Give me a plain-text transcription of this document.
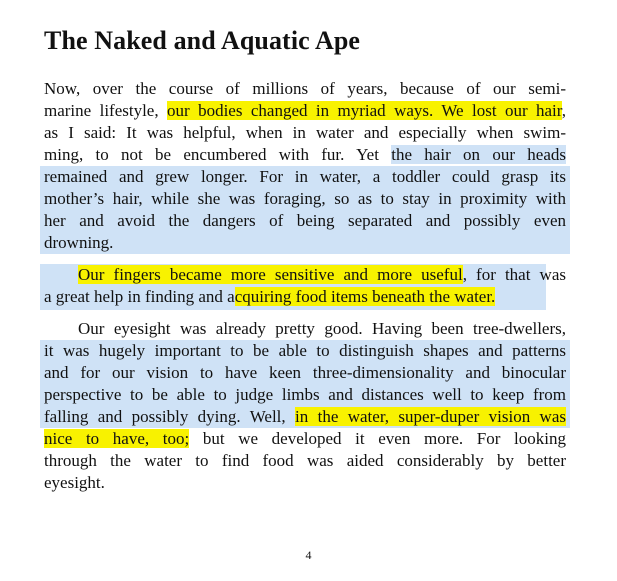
The Naked and Aquatic Ape
Now, over the course of millions of years, because of our semi-
marine lifestyle, our bodies changed in myriad ways. We lost our hair,
as I said: It was helpful, when in water and especially when swim-
ming, to not be encumbered with fur. Yet the hair on our heads
remained and grew longer. For in water, a toddler could grasp its
mother’s hair, while she was foraging, so as to stay in proximity with
her and avoid the dangers of being separated and possibly even
drowning.
Our fingers became more sensitive and more useful, for that was
a great help in finding and acquiring food items beneath the water.
Our eyesight was already pretty good. Having been tree-dwellers,
it was hugely important to be able to distinguish shapes and patterns
and for our vision to have keen three-dimensionality and binocular
perspective to be able to judge limbs and distances well to keep from
falling and possibly dying. Well, in the water, super-duper vision was
nice to have, too; but we developed it even more. For looking
through the water to find food was aided considerably by better
eyesight.
4
